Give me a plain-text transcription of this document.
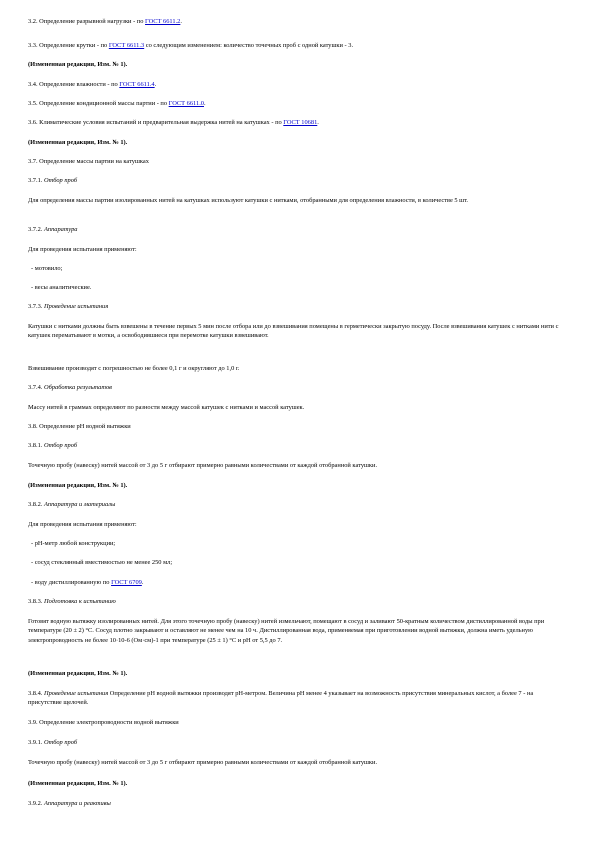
3.2. Определение разрывной нагрузки - по ГОСТ 6611.2.

3.3. Определение крутки - по ГОСТ 6611.3 со следующим изменением: количество точечных проб с одной катушки - 3.

(Измененная редакция, Изм. № 1).

3.4. Определение влажности - по ГОСТ 6611.4.

3.5. Определение кондиционной массы партии - по ГОСТ 6611.0.

3.6. Климатические условия испытаний и предварительная выдержка нитей на катушках - по ГОСТ 10681.

(Измененная редакция, Изм. № 1).

3.7. Определение массы партии на катушках

3.7.1. Отбор проб

Для определения массы партии изолированных нитей на катушках используют катушки с нитками, отобранными для определения влажности, в количестве 5 шт.

3.7.2. Аппаратура

Для проведения испытания применяют:

- мотовило;

- весы аналитические.

3.7.3. Проведение испытания

Катушки с нитками должны быть взвешены в течение первых 5 мин после отбора или до взвешивания помещены в герметически закрытую посуду. После взвешивания катушек с нитками нити с катушек перематывают в мотки, а освободившиеся при перемотке катушки взвешивают.

Взвешивание производят с погрешностью не более 0,1 г и округляют до 1,0 г.

3.7.4. Обработка результатов

Массу нитей в граммах определяют по разности между массой катушек с нитками и массой катушек.

3.8. Определение pH водной вытяжки

3.8.1. Отбор проб

Точечную пробу (навеску) нитей массой от 3 до 5 г отбирают примерно равными количествами от каждой отобранной катушки.

(Измененная редакция, Изм. № 1).

3.8.2. Аппаратура и материалы

Для проведения испытания применяют:

- pH-метр любой конструкции;

- сосуд стеклянный вместимостью не менее 250 мл;

- воду дистиллированную по ГОСТ 6709.

3.8.3. Подготовка к испытанию

Готовят водную вытяжку изолированных нитей. Для этого точечную пробу (навеску) нитей измельчают, помещают в сосуд и заливают 50-кратным количеством дистиллированной воды при температуре (20 ± 2) °С. Сосуд плотно закрывают и оставляют не менее чем на 10 ч. Дистиллированная вода, применяемая при приготовлении водной вытяжки, должна иметь удельную электропроводность не более 10·10-6 (Ом·см)-1 при температуре (25 ± 1) °С и pH от 5,5 до 7.

(Измененная редакция, Изм. № 1).

3.8.4. Проведение испытания Определение pH водной вытяжки производят pH-метром. Величина pH менее 4 указывает на возможность присутствия минеральных кислот, а более 7 - на присутствие щелочей.

3.9. Определение электропроводности водной вытяжки

3.9.1. Отбор проб

Точечную пробу (навеску) нитей массой от 3 до 5 г отбирают примерно равными количествами от каждой отобранной катушки.

(Измененная редакция, Изм. № 1).

3.9.2. Аппаратура и реактивы
